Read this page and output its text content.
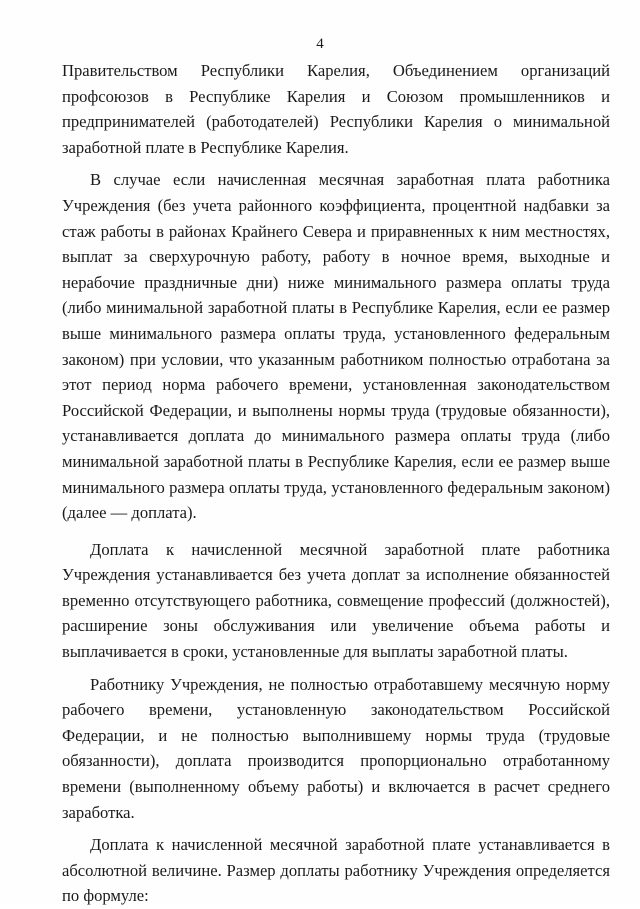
4

Правительством Республики Карелия, Объединением организаций профсоюзов в Республике Карелия и Союзом промышленников и предпринимателей (работодателей) Республики Карелия о минимальной заработной плате в Республике Карелия.

В случае если начисленная месячная заработная плата работника Учреждения (без учета районного коэффициента, процентной надбавки за стаж работы в районах Крайнего Севера и приравненных к ним местностях, выплат за сверхурочную работу, работу в ночное время, выходные и нерабочие праздничные дни) ниже минимального размера оплаты труда (либо минимальной заработной платы в Республике Карелия, если ее размер выше минимального размера оплаты труда, установленного федеральным законом) при условии, что указанным работником полностью отработана за этот период норма рабочего времени, установленная законодательством Российской Федерации, и выполнены нормы труда (трудовые обязанности), устанавливается доплата до минимального размера оплаты труда (либо минимальной заработной платы в Республике Карелия, если ее размер выше минимального размера оплаты труда, установленного федеральным законом) (далее — доплата).

Доплата к начисленной месячной заработной плате работника Учреждения устанавливается без учета доплат за исполнение обязанностей временно отсутствующего работника, совмещение профессий (должностей), расширение зоны обслуживания или увеличение объема работы и выплачивается в сроки, установленные для выплаты заработной платы.

Работнику Учреждения, не полностью отработавшему месячную норму рабочего времени, установленную законодательством Российской Федерации, и не полностью выполнившему нормы труда (трудовые обязанности), доплата производится пропорционально отработанному времени (выполненному объему работы) и включается в расчет среднего заработка.

Доплата к начисленной месячной заработной плате устанавливается в абсолютной величине. Размер доплаты работнику Учреждения определяется по формуле:
